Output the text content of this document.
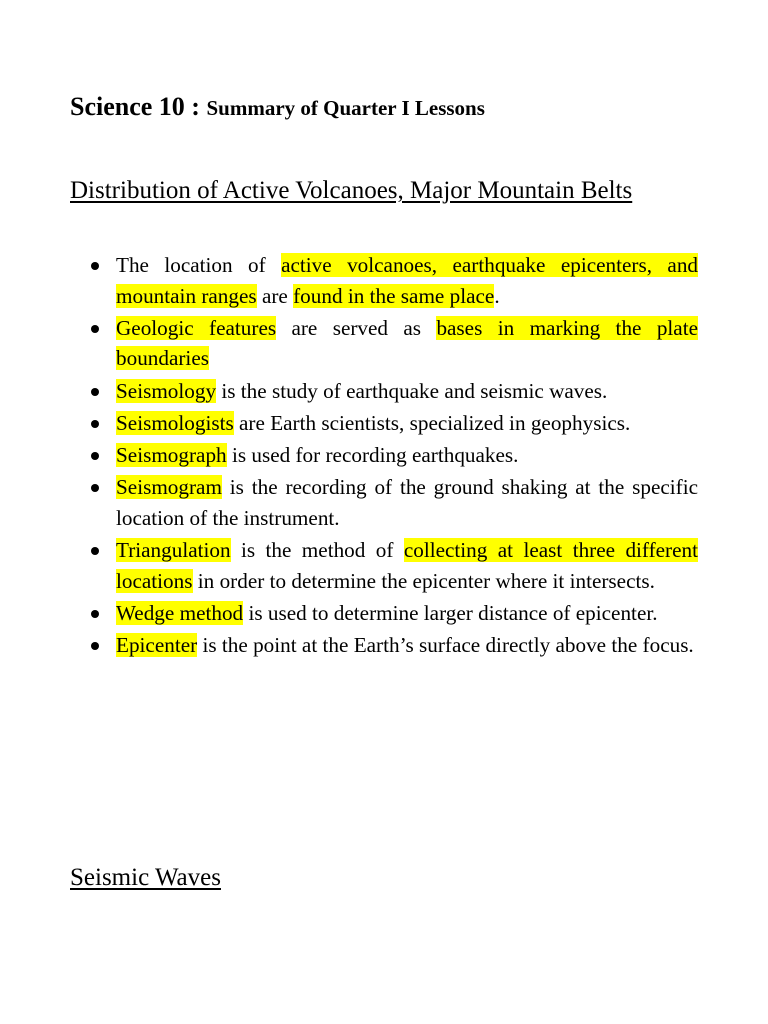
Science 10 : Summary of Quarter I Lessons
Distribution of Active Volcanoes, Major Mountain Belts
The location of active volcanoes, earthquake epicenters, and mountain ranges are found in the same place.
Geologic features are served as bases in marking the plate boundaries
Seismology is the study of earthquake and seismic waves.
Seismologists are Earth scientists, specialized in geophysics.
Seismograph is used for recording earthquakes.
Seismogram is the recording of the ground shaking at the specific location of the instrument.
Triangulation is the method of collecting at least three different locations in order to determine the epicenter where it intersects.
Wedge method is used to determine larger distance of epicenter.
Epicenter is the point at the Earth’s surface directly above the focus.
Seismic Waves
